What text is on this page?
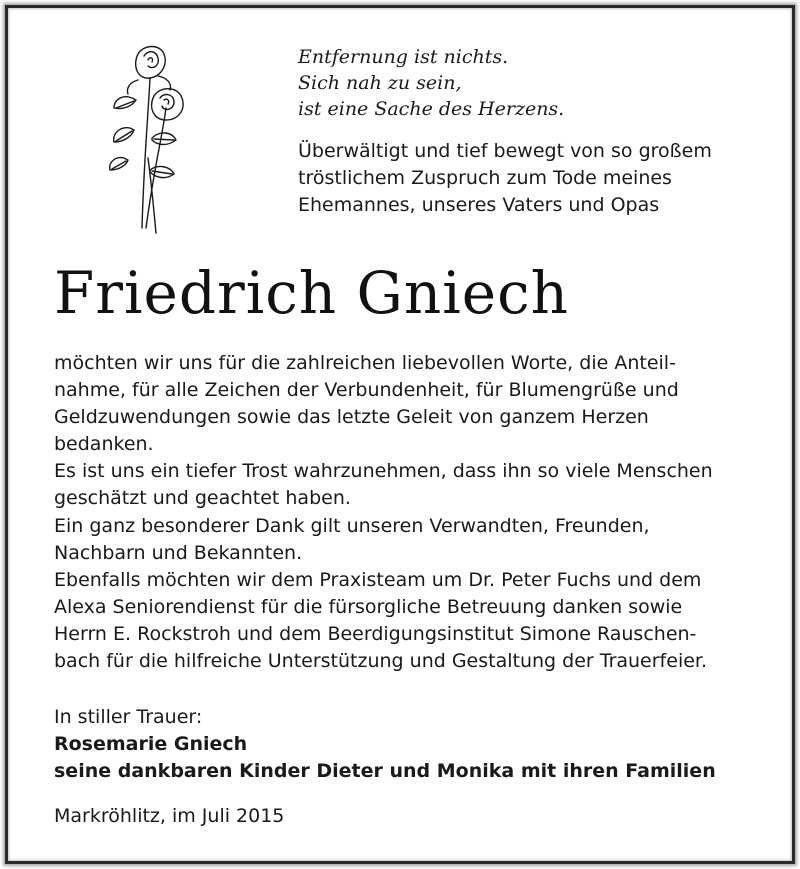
Entfernung ist nichts.
Sich nah zu sein,
ist eine Sache des Herzens.
Überwältigt und tief bewegt von so großem
tröstlichem Zuspruch zum Tode meines
Ehemannes, unseres Vaters und Opas
Friedrich Gniech
möchten wir uns für die zahlreichen liebevollen Worte, die Anteil-
nahme, für alle Zeichen der Verbundenheit, für Blumengrüße und
Geldzuwendungen sowie das letzte Geleit von ganzem Herzen
bedanken.
Es ist uns ein tiefer Trost wahrzunehmen, dass ihn so viele Menschen
geschätzt und geachtet haben.
Ein ganz besonderer Dank gilt unseren Verwandten, Freunden,
Nachbarn und Bekannten.
Ebenfalls möchten wir dem Praxisteam um Dr. Peter Fuchs und dem
Alexa Seniorendienst für die fürsorgliche Betreuung danken sowie
Herrn E. Rockstroh und dem Beerdigungsinstitut Simone Rauschen-
bach für die hilfreiche Unterstützung und Gestaltung der Trauerfeier.
In stiller Trauer:
Rosemarie Gniech
seine dankbaren Kinder Dieter und Monika mit ihren Familien
Markröhlitz, im Juli 2015
